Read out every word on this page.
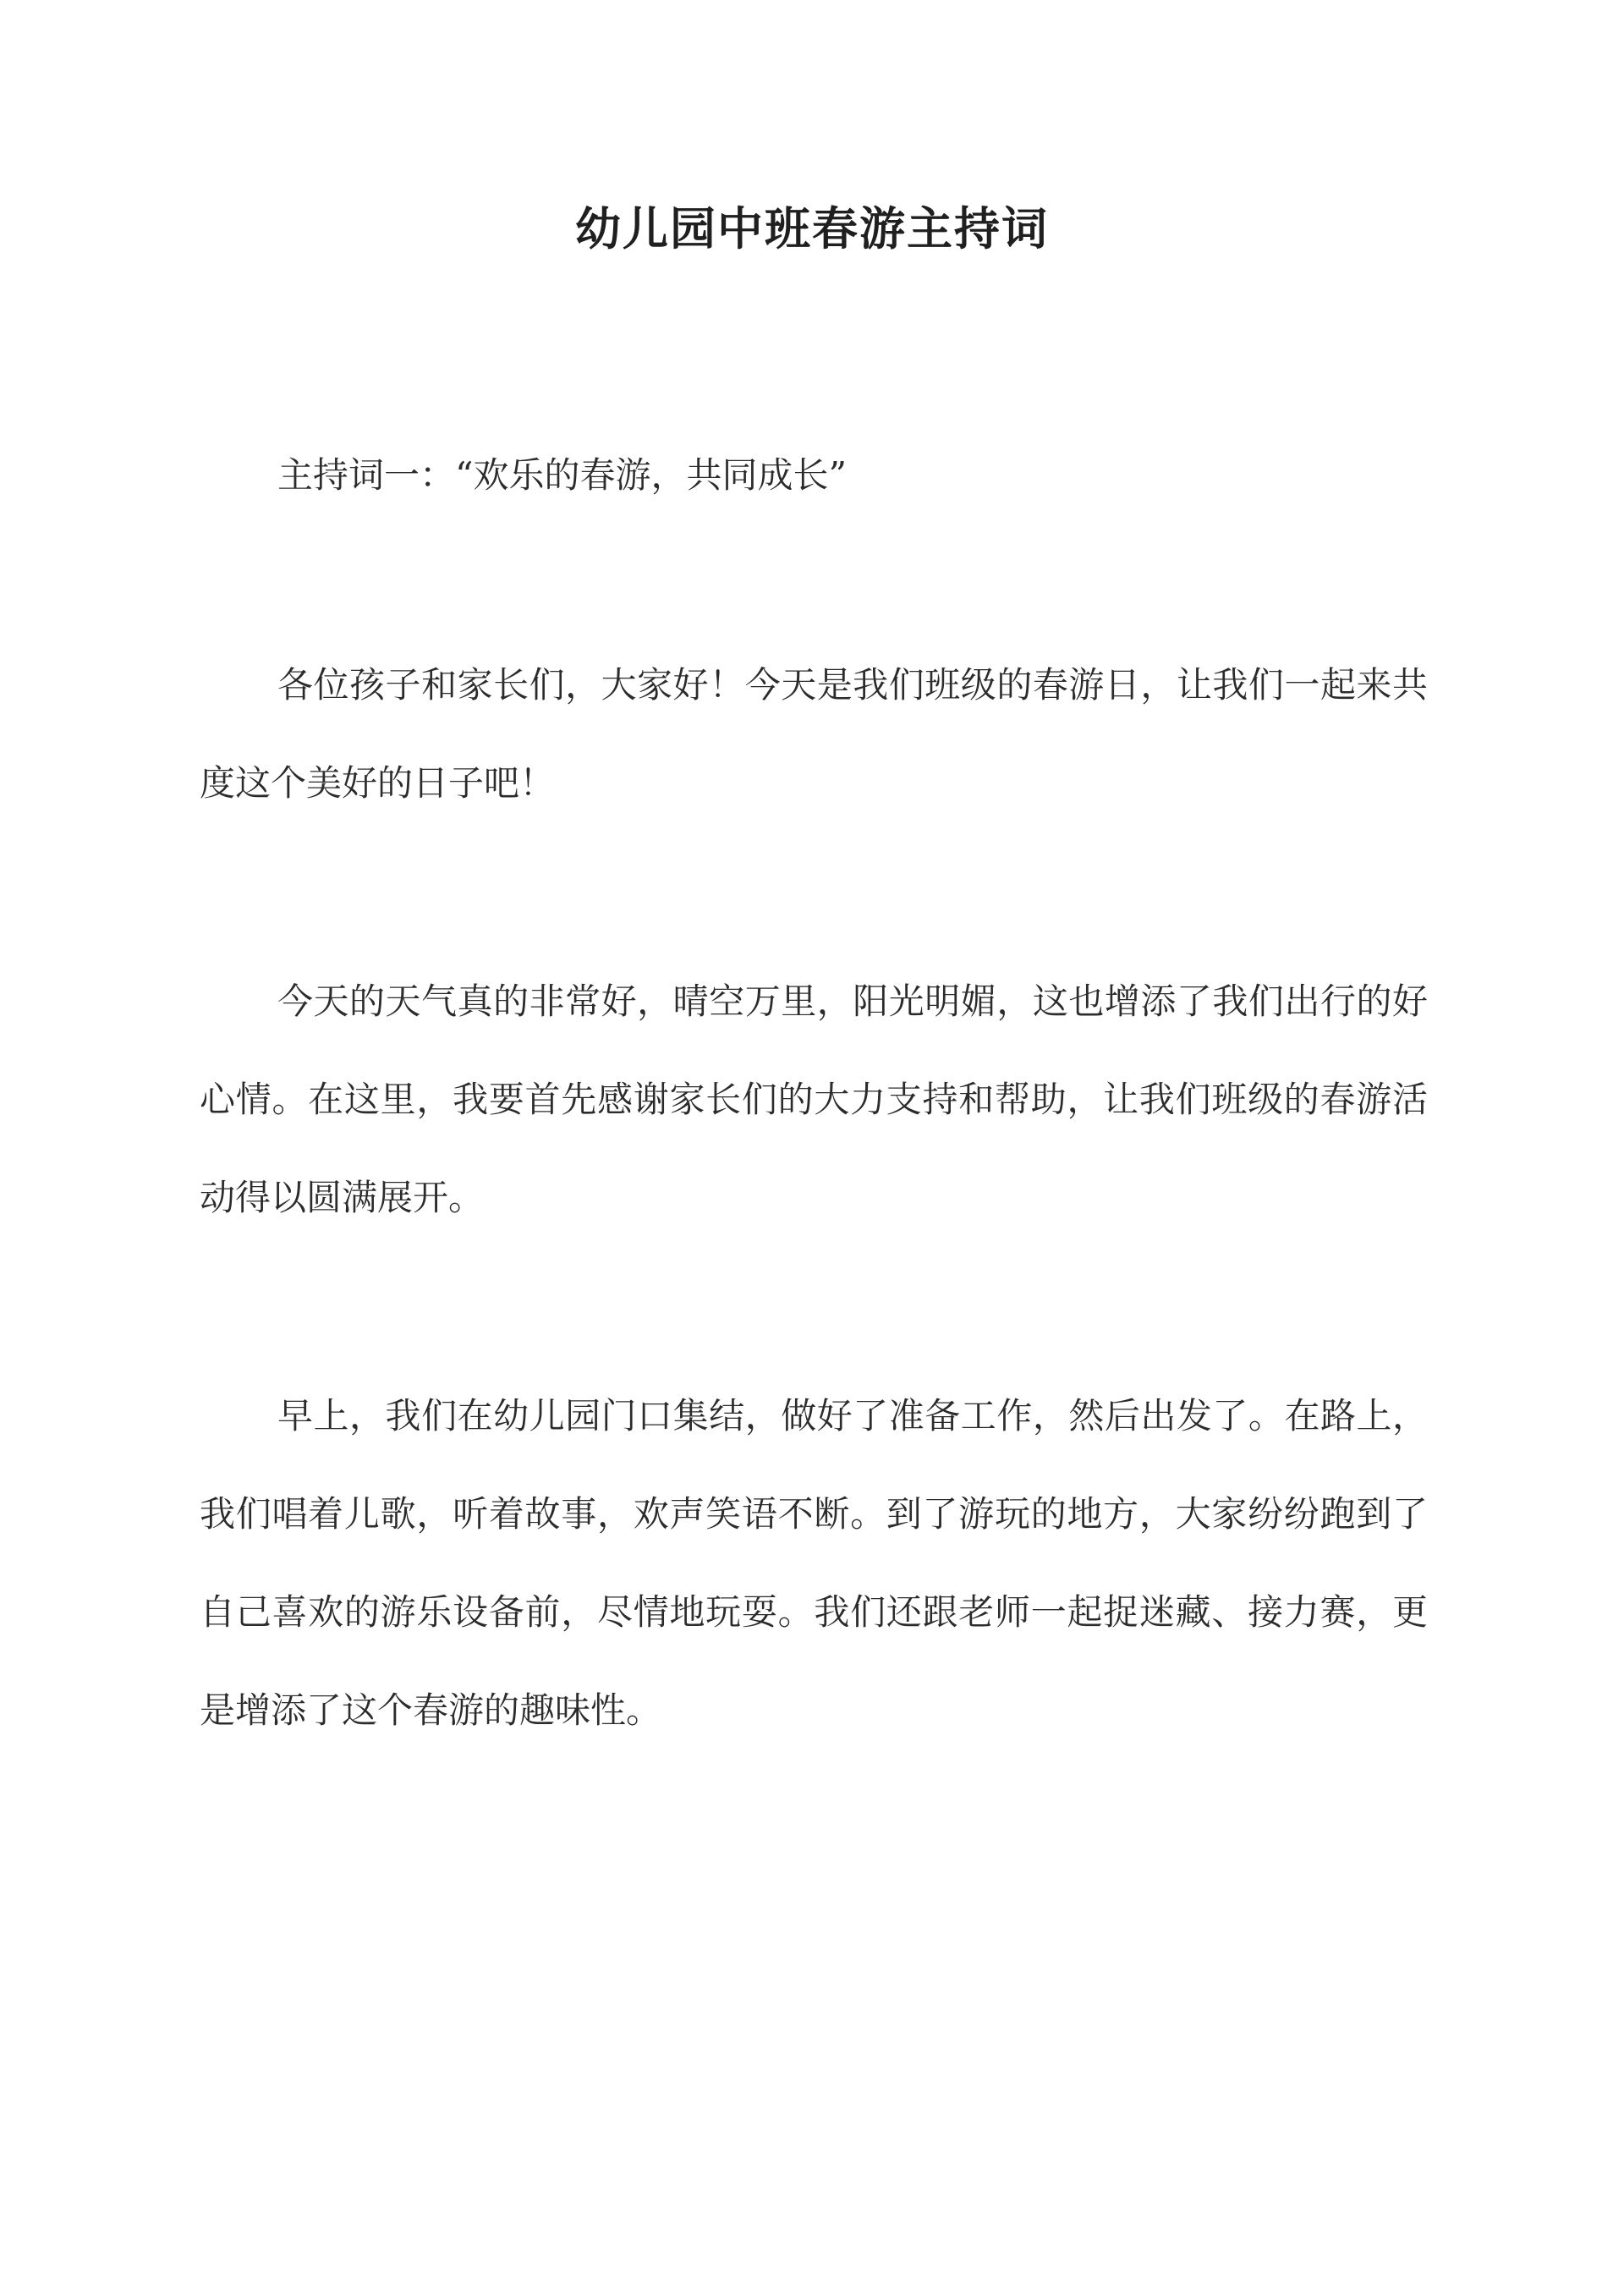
幼儿园中班春游主持词

主持词一：“欢乐的春游，共同成长”

各位孩子和家长们，大家好！今天是我们班级的春游日，让我们一起来共度这个美好的日子吧！

今天的天气真的非常好，晴空万里，阳光明媚，这也增添了我们出行的好心情。在这里，我要首先感谢家长们的大力支持和帮助，让我们班级的春游活动得以圆满展开。

早上，我们在幼儿园门口集结，做好了准备工作，然后出发了。在路上，我们唱着儿歌，听着故事，欢声笑语不断。到了游玩的地方，大家纷纷跑到了自己喜欢的游乐设备前，尽情地玩耍。我们还跟老师一起捉迷藏、接力赛，更是增添了这个春游的趣味性。
